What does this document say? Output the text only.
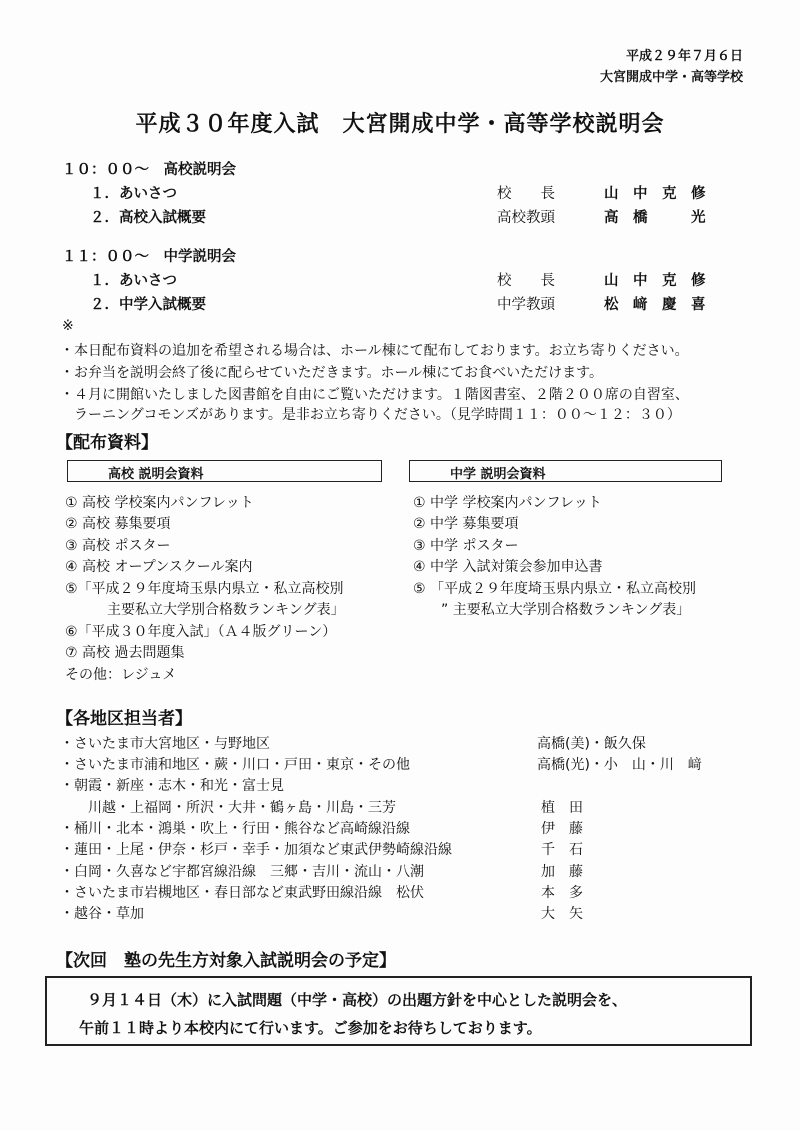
平成２９年７月６日
大宮開成中学・高等学校
平成３０年度入試　大宮開成中学・高等学校説明会
１０：００～　高校説明会
１．あいさつ	校　　長	山　中　克　修
２．高校入試概要	高校教頭	高　橋　　　光
１１：００～　中学説明会
１．あいさつ	校　　長	山　中　克　修
２．中学入試概要	中学教頭	松　﨑　慶　喜
※
・本日配布資料の追加を希望される場合は、ホール棟にて配布しております。お立ち寄りください。
・お弁当を説明会終了後に配らせていただきます。ホール棟にてお食べいただけます。
・４月に開館いたしました図書館を自由にご覧いただけます。１階図書室、２階２００席の自習室、
　ラーニングコモンズがあります。是非お立ち寄りください。（見学時間１１：００～１２：３０）
【配布資料】
高校 説明会資料	中学 説明会資料
① 高校 学校案内パンフレット
② 高校 募集要項
③ 高校 ポスター
④ 高校 オープンスクール案内
⑤「平成２９年度埼玉県内県立・私立高校別
　　　主要私立大学別合格数ランキング表」
⑥「平成３０年度入試」（Ａ４版グリーン）
⑦ 高校 過去問題集
その他：レジュメ
① 中学 学校案内パンフレット
② 中学 募集要項
③ 中学 ポスター
④ 中学 入試対策会参加申込書
⑤ 「平成２９年度埼玉県内県立・私立高校別
　　” 主要私立大学別合格数ランキング表」
【各地区担当者】
・さいたま市大宮地区・与野地区	高橋(美)・飯久保
・さいたま市浦和地区・蕨・川口・戸田・東京・その他	高橋(光)・小　山・川　﨑
・朝霞・新座・志木・和光・富士見
　　川越・上福岡・所沢・大井・鶴ヶ島・川島・三芳	植　田
・桶川・北本・鴻巣・吹上・行田・熊谷など高崎線沿線	伊　藤
・蓮田・上尾・伊奈・杉戸・幸手・加須など東武伊勢崎線沿線	千　石
・白岡・久喜など宇都宮線沿線　三郷・吉川・流山・八潮	加　藤
・さいたま市岩槻地区・春日部など東武野田線沿線　松伏	本　多
・越谷・草加	大　矢
【次回　塾の先生方対象入試説明会の予定】
９月１４日（木）に入試問題（中学・高校）の出題方針を中心とした説明会を、
午前１１時より本校内にて行います。ご参加をお待ちしております。
